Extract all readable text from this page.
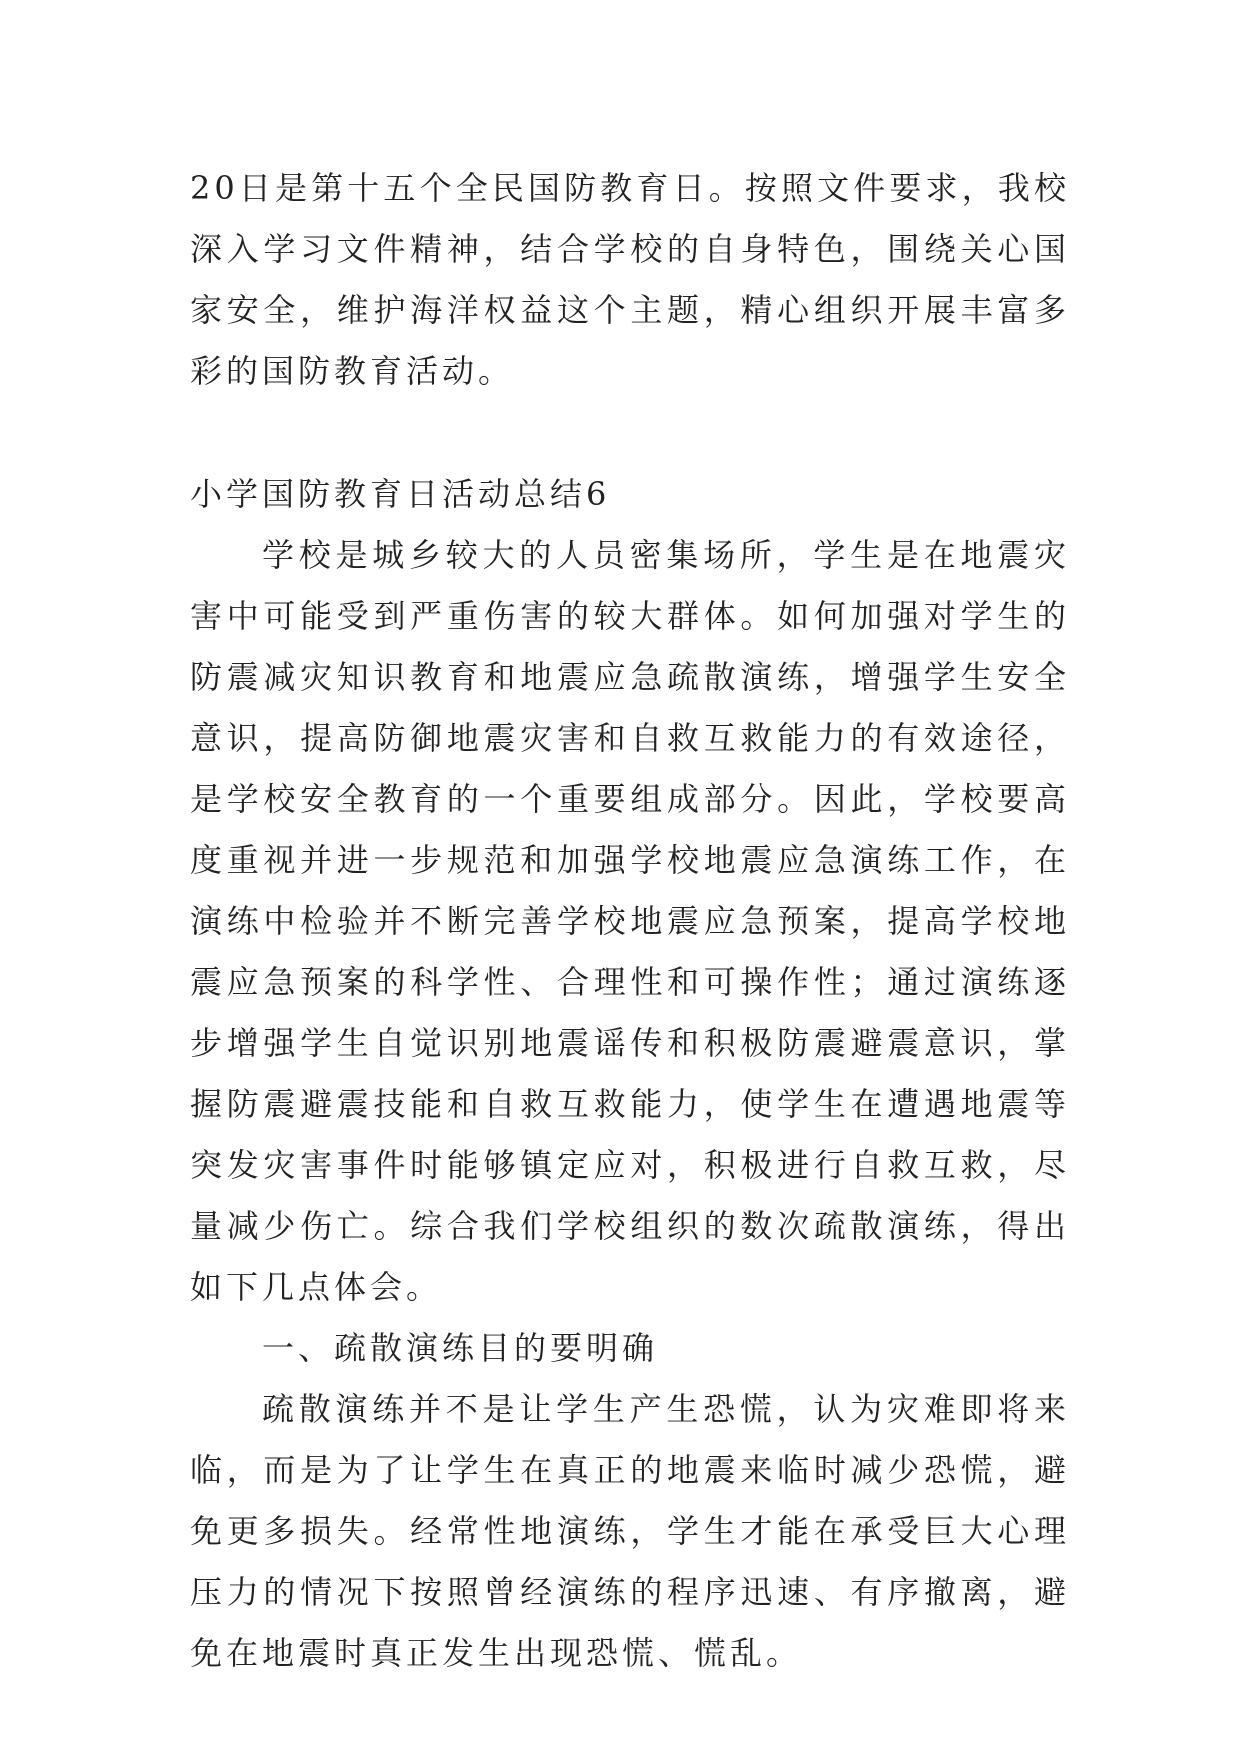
20日是第十五个全民国防教育日。按照文件要求，我校深入学习文件精神，结合学校的自身特色，围绕关心国家安全，维护海洋权益这个主题，精心组织开展丰富多彩的国防教育活动。

小学国防教育日活动总结6

学校是城乡较大的人员密集场所，学生是在地震灾害中可能受到严重伤害的较大群体。如何加强对学生的防震减灾知识教育和地震应急疏散演练，增强学生安全意识，提高防御地震灾害和自救互救能力的有效途径，是学校安全教育的一个重要组成部分。因此，学校要高度重视并进一步规范和加强学校地震应急演练工作，在演练中检验并不断完善学校地震应急预案，提高学校地震应急预案的科学性、合理性和可操作性；通过演练逐步增强学生自觉识别地震谣传和积极防震避震意识，掌握防震避震技能和自救互救能力，使学生在遭遇地震等突发灾害事件时能够镇定应对，积极进行自救互救，尽量减少伤亡。综合我们学校组织的数次疏散演练，得出如下几点体会。

一、疏散演练目的要明确

疏散演练并不是让学生产生恐慌，认为灾难即将来临，而是为了让学生在真正的地震来临时减少恐慌，避免更多损失。经常性地演练，学生才能在承受巨大心理压力的情况下按照曾经演练的程序迅速、有序撤离，避免在地震时真正发生出现恐慌、慌乱。
